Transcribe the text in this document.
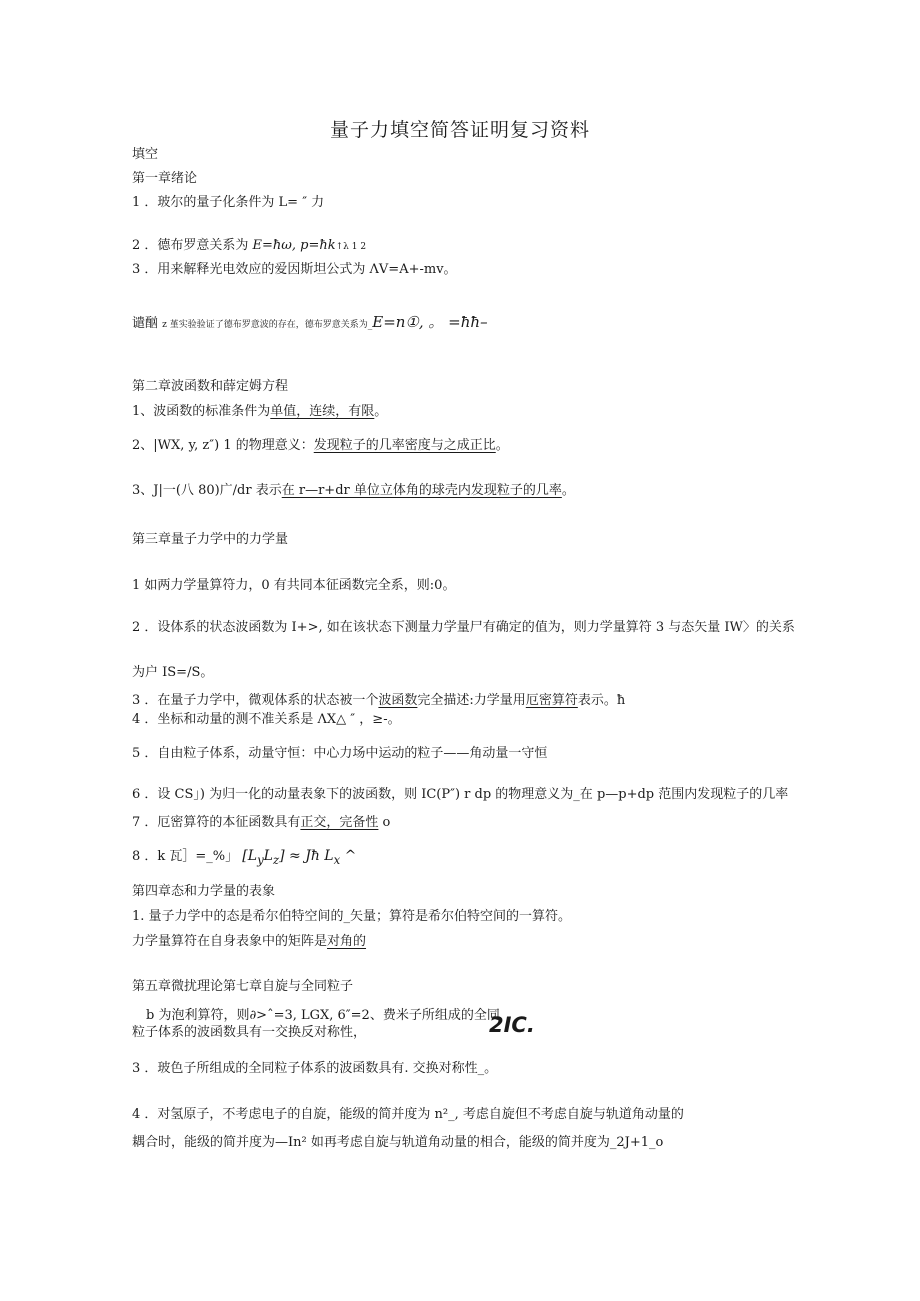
量子力填空简答证明复习资料
填空
第一章绪论
1 ．玻尔的量子化条件为 L= ″ 力
2 ．德布罗意关系为 E=ħω, p=ħk↑λ 1 2
3 ．用来解释光电效应的爱因斯坦公式为 ΛV=A+-mv。
谴酗 z 堇实验验证了德布罗意波的存在，德布罗意关系为_E=n①, 。 =ħħ–
第二章波函数和薛定姆方程
1、波函数的标准条件为单值，连续，有限。
2、|WX, y, z″) 1 的物理意义：发现粒子的几率密度与之成正比。
3、J|一(八 80)广/dr 表示在 r—r+dr 单位立体角的球壳内发现粒子的几率。
第三章量子力学中的力学量
1 如两力学量算符力，0 有共同本征函数完全系，则:0。
2 ．设体系的状态波函数为 I+>, 如在该状态下测量力学量尸有确定的值为，则力学量算符 3 与态矢量 IW〉的关系
为户 IS=/S。
3 ．在量子力学中，微观体系的状态被一个波函数完全描述:力学量用厄密算符表示。ħ
4 ．坐标和动量的测不准关系是 ΛX△ ″ ，≥-。
5 ．自由粒子体系，动量守恒：中心力场中运动的粒子——角动量一守恒
6 ．设 CS」) 为归一化的动量表象下的波函数，则 IC(P″) r dp 的物理意义为_在 p—p+dp 范围内发现粒子的几率
7 ．厄密算符的本征函数具有正交，完备性 o
8 ．k 瓦］=_%」 $[L_yL_z]$ ≈ Jħ $L_x$ ^
第四章态和力学量的表象
1. 量子力学中的态是希尔伯特空间的_矢量；算符是希尔伯特空间的一算符。
力学量算符在自身表象中的矩阵是对角的
第五章微扰理论第七章自旋与全同粒子
b 为泡利算符，则∂>ˆ=3, LGX, 6″=2、费米子所组成的全同
粒子体系的波函数具有一交换反对称性，	2IC.
3 ．玻色子所组成的全同粒子体系的波函数具有. 交换对称性_。
4 ．对氢原子，不考虑电子的自旋，能级的简并度为 n²_, 考虑自旋但不考虑自旋与轨道角动量的
耦合时，能级的简并度为—In² 如再考虑自旋与轨道角动量的相合，能级的简并度为_2J+1_o
